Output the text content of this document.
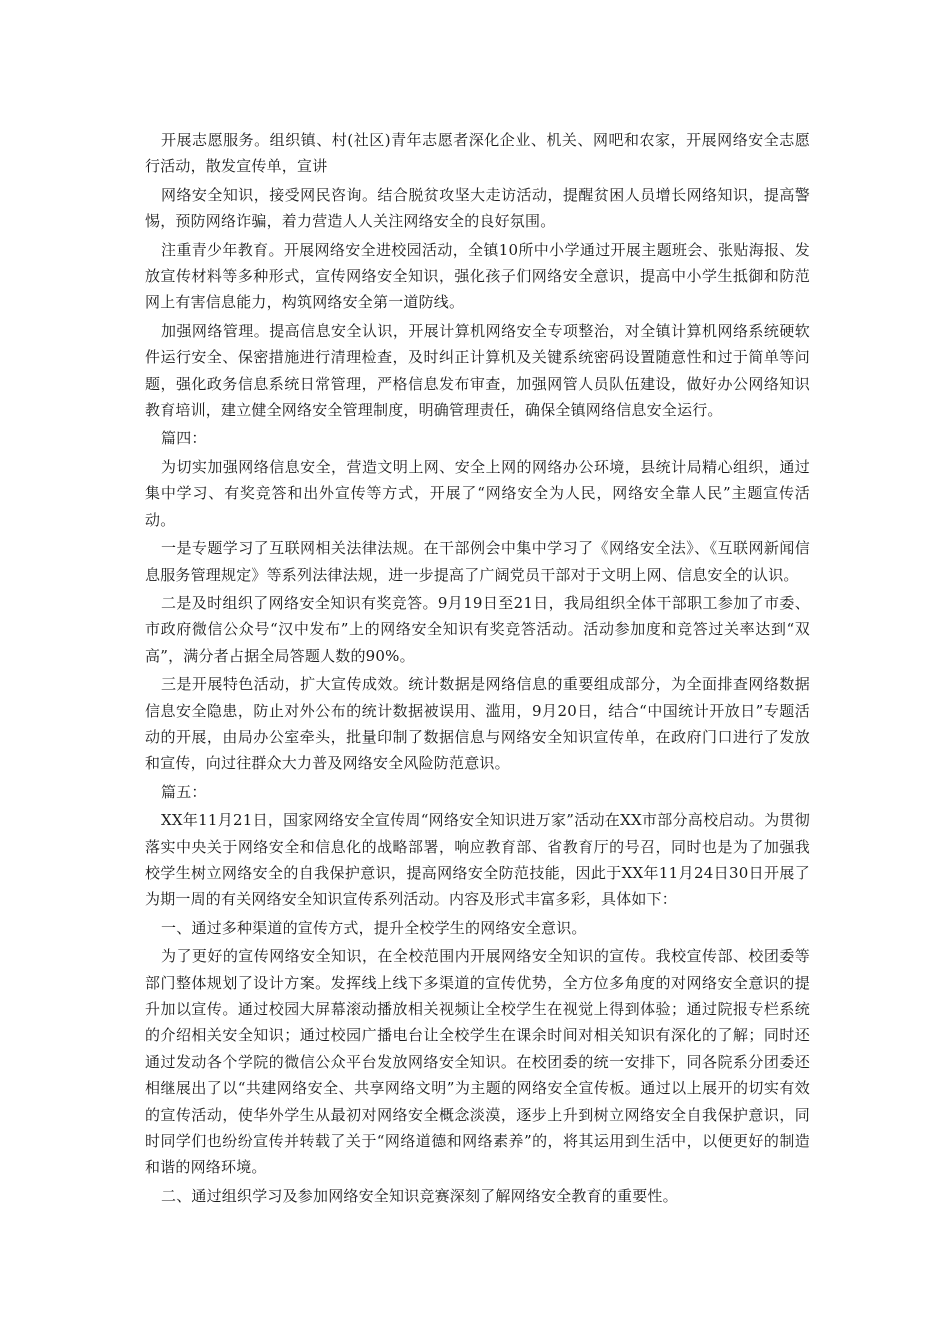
开展志愿服务。组织镇、村(社区)青年志愿者深化企业、机关、网吧和农家，开展网络安全志愿行活动，散发宣传单，宣讲

网络安全知识，接受网民咨询。结合脱贫攻坚大走访活动，提醒贫困人员增长网络知识，提高警惕，预防网络诈骗，着力营造人人关注网络安全的良好氛围。

注重青少年教育。开展网络安全进校园活动，全镇10所中小学通过开展主题班会、张贴海报、发放宣传材料等多种形式，宣传网络安全知识，强化孩子们网络安全意识，提高中小学生抵御和防范网上有害信息能力，构筑网络安全第一道防线。

加强网络管理。提高信息安全认识，开展计算机网络安全专项整治，对全镇计算机网络系统硬软件运行安全、保密措施进行清理检查，及时纠正计算机及关键系统密码设置随意性和过于简单等问题，强化政务信息系统日常管理，严格信息发布审查，加强网管人员队伍建设，做好办公网络知识教育培训，建立健全网络安全管理制度，明确管理责任，确保全镇网络信息安全运行。

篇四：

为切实加强网络信息安全，营造文明上网、安全上网的网络办公环境，县统计局精心组织，通过集中学习、有奖竞答和出外宣传等方式，开展了“网络安全为人民，网络安全靠人民”主题宣传活动。

一是专题学习了互联网相关法律法规。在干部例会中集中学习了《网络安全法》、《互联网新闻信息服务管理规定》等系列法律法规，进一步提高了广阔党员干部对于文明上网、信息安全的认识。

二是及时组织了网络安全知识有奖竞答。9月19日至21日，我局组织全体干部职工参加了市委、市政府微信公众号“汉中发布”上的网络安全知识有奖竞答活动。活动参加度和竞答过关率达到“双高”，满分者占据全局答题人数的90%。

三是开展特色活动，扩大宣传成效。统计数据是网络信息的重要组成部分，为全面排查网络数据信息安全隐患，防止对外公布的统计数据被误用、滥用，9月20日，结合“中国统计开放日”专题活动的开展，由局办公室牵头，批量印制了数据信息与网络安全知识宣传单，在政府门口进行了发放和宣传，向过往群众大力普及网络安全风险防范意识。

篇五：

XX年11月21日，国家网络安全宣传周“网络安全知识进万家”活动在XX市部分高校启动。为贯彻落实中央关于网络安全和信息化的战略部署，响应教育部、省教育厅的号召，同时也是为了加强我校学生树立网络安全的自我保护意识，提高网络安全防范技能，因此于XX年11月24日30日开展了为期一周的有关网络安全知识宣传系列活动。内容及形式丰富多彩，具体如下：

一、通过多种渠道的宣传方式，提升全校学生的网络安全意识。

为了更好的宣传网络安全知识，在全校范围内开展网络安全知识的宣传。我校宣传部、校团委等部门整体规划了设计方案。发挥线上线下多渠道的宣传优势，全方位多角度的对网络安全意识的提升加以宣传。通过校园大屏幕滚动播放相关视频让全校学生在视觉上得到体验；通过院报专栏系统的介绍相关安全知识；通过校园广播电台让全校学生在课余时间对相关知识有深化的了解；同时还通过发动各个学院的微信公众平台发放网络安全知识。在校团委的统一安排下，同各院系分团委还相继展出了以“共建网络安全、共享网络文明”为主题的网络安全宣传板。通过以上展开的切实有效的宣传活动，使华外学生从最初对网络安全概念淡漠，逐步上升到树立网络安全自我保护意识，同时同学们也纷纷宣传并转载了关于“网络道德和网络素养”的，将其运用到生活中，以便更好的制造和谐的网络环境。

二、通过组织学习及参加网络安全知识竞赛深刻了解网络安全教育的重要性。
